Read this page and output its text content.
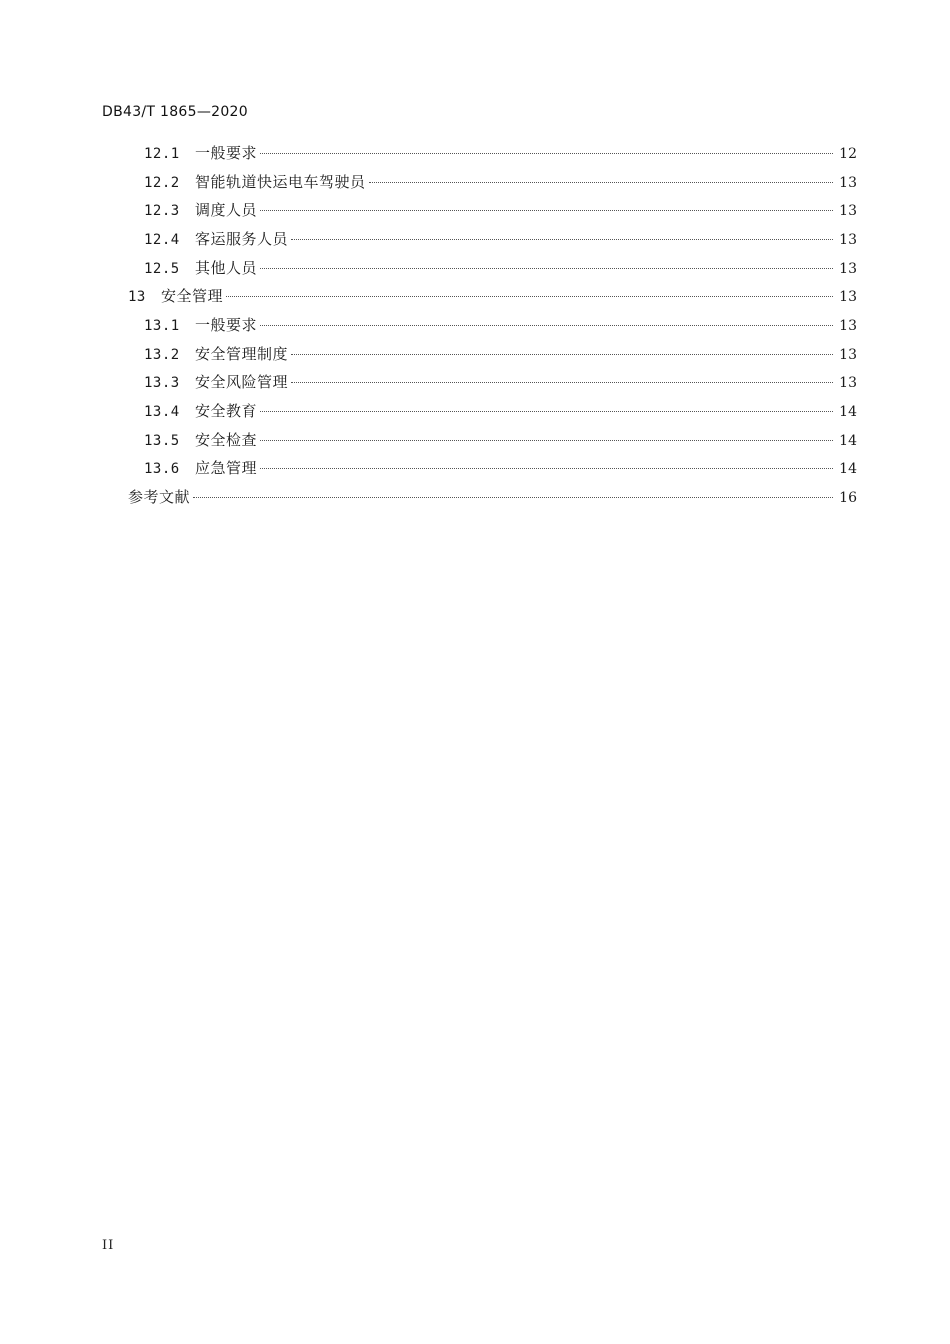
DB43/T 1865—2020
12.1	一般要求	12
12.2	智能轨道快运电车驾驶员	13
12.3	调度人员	13
12.4	客运服务人员	13
12.5	其他人员	13
13	安全管理	13
13.1	一般要求	13
13.2	安全管理制度	13
13.3	安全风险管理	13
13.4	安全教育	14
13.5	安全检查	14
13.6	应急管理	14
参考文献	16
II
